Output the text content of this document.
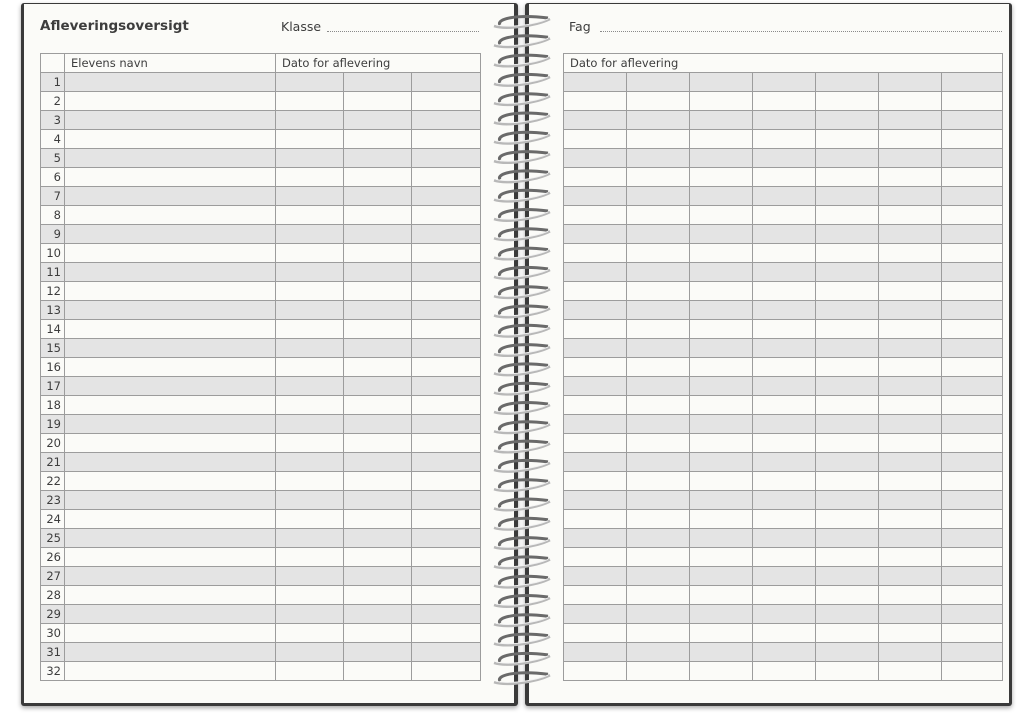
Afleveringsoversigt	Klasse	Fag
	Elevens navn	Dato for aflevering		
1				
2				
3				
4				
5				
6				
7				
8				
9				
10				
11				
12				
13				
14				
15				
16				
17				
18				
19				
20				
21				
22				
23				
24				
25				
26				
27				
28				
29				
30				
31				
32				
Dato for aflevering						
